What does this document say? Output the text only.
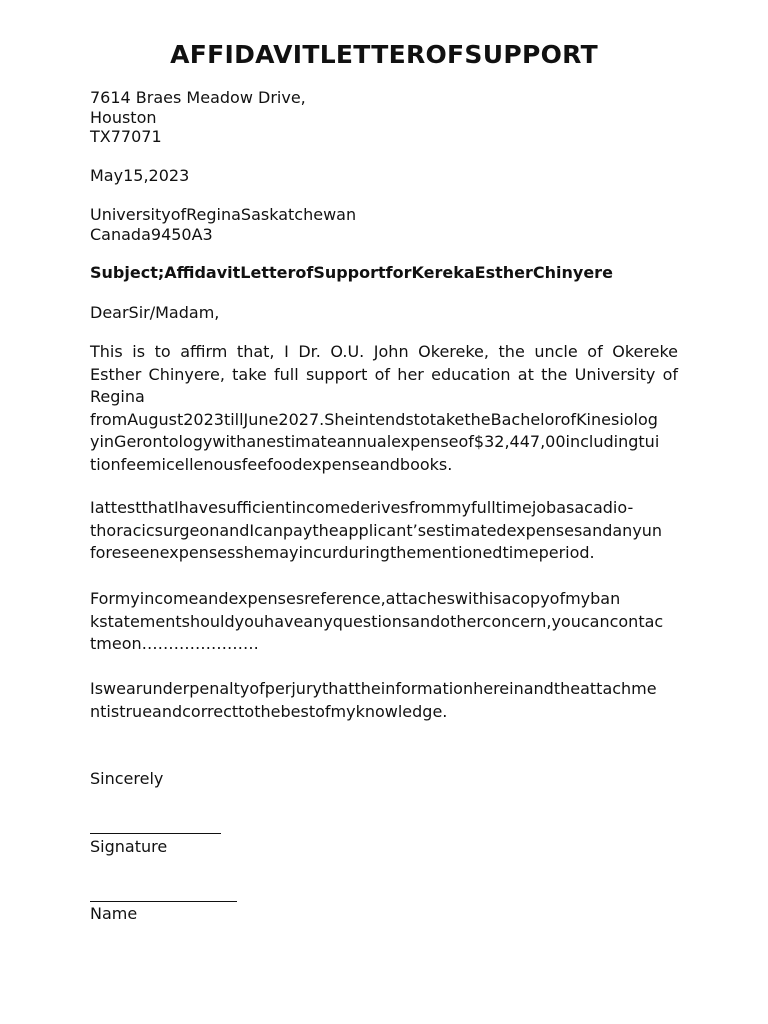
AFFIDAVITLETTEROFSUPPORT
7614 Braes Meadow Drive,
Houston
TX77071
May15,2023
UniversityofReginaSaskatchewan
Canada9450A3
Subject;AffidavitLetterofSupportforKerekaEstherChinyere
DearSir/Madam,
This is to affirm that, I Dr. O.U. John Okereke, the uncle of Okereke
Esther Chinyere, take full support of her education at the University of
Regina
fromAugust2023tillJune2027.SheintendstotaketheBachelorofKinesiolog
yinGerontologywithanestimateannualexpenseof$32,447,00includingtui
tionfeemicellenousfeefoodexpenseandbooks.
IattestthatIhavesufficientincomederivesfrommyfulltimejobasacadio-
thoracicsurgeonandIcanpaytheapplicant’sestimatedexpensesandanyun
foreseenexpensesshemayincurduringthementionedtimeperiod.
Formyincomeandexpensesreference,attacheswithisacopyofmyban
kstatementshouldyouhaveanyquestionsandotherconcern,youcancontac
tmeon………………….
Iswearunderpenaltyofperjurythattheinformationhereinandtheattachme
ntistrueandcorrecttothebestofmyknowledge.
Sincerely
Signature
Name
